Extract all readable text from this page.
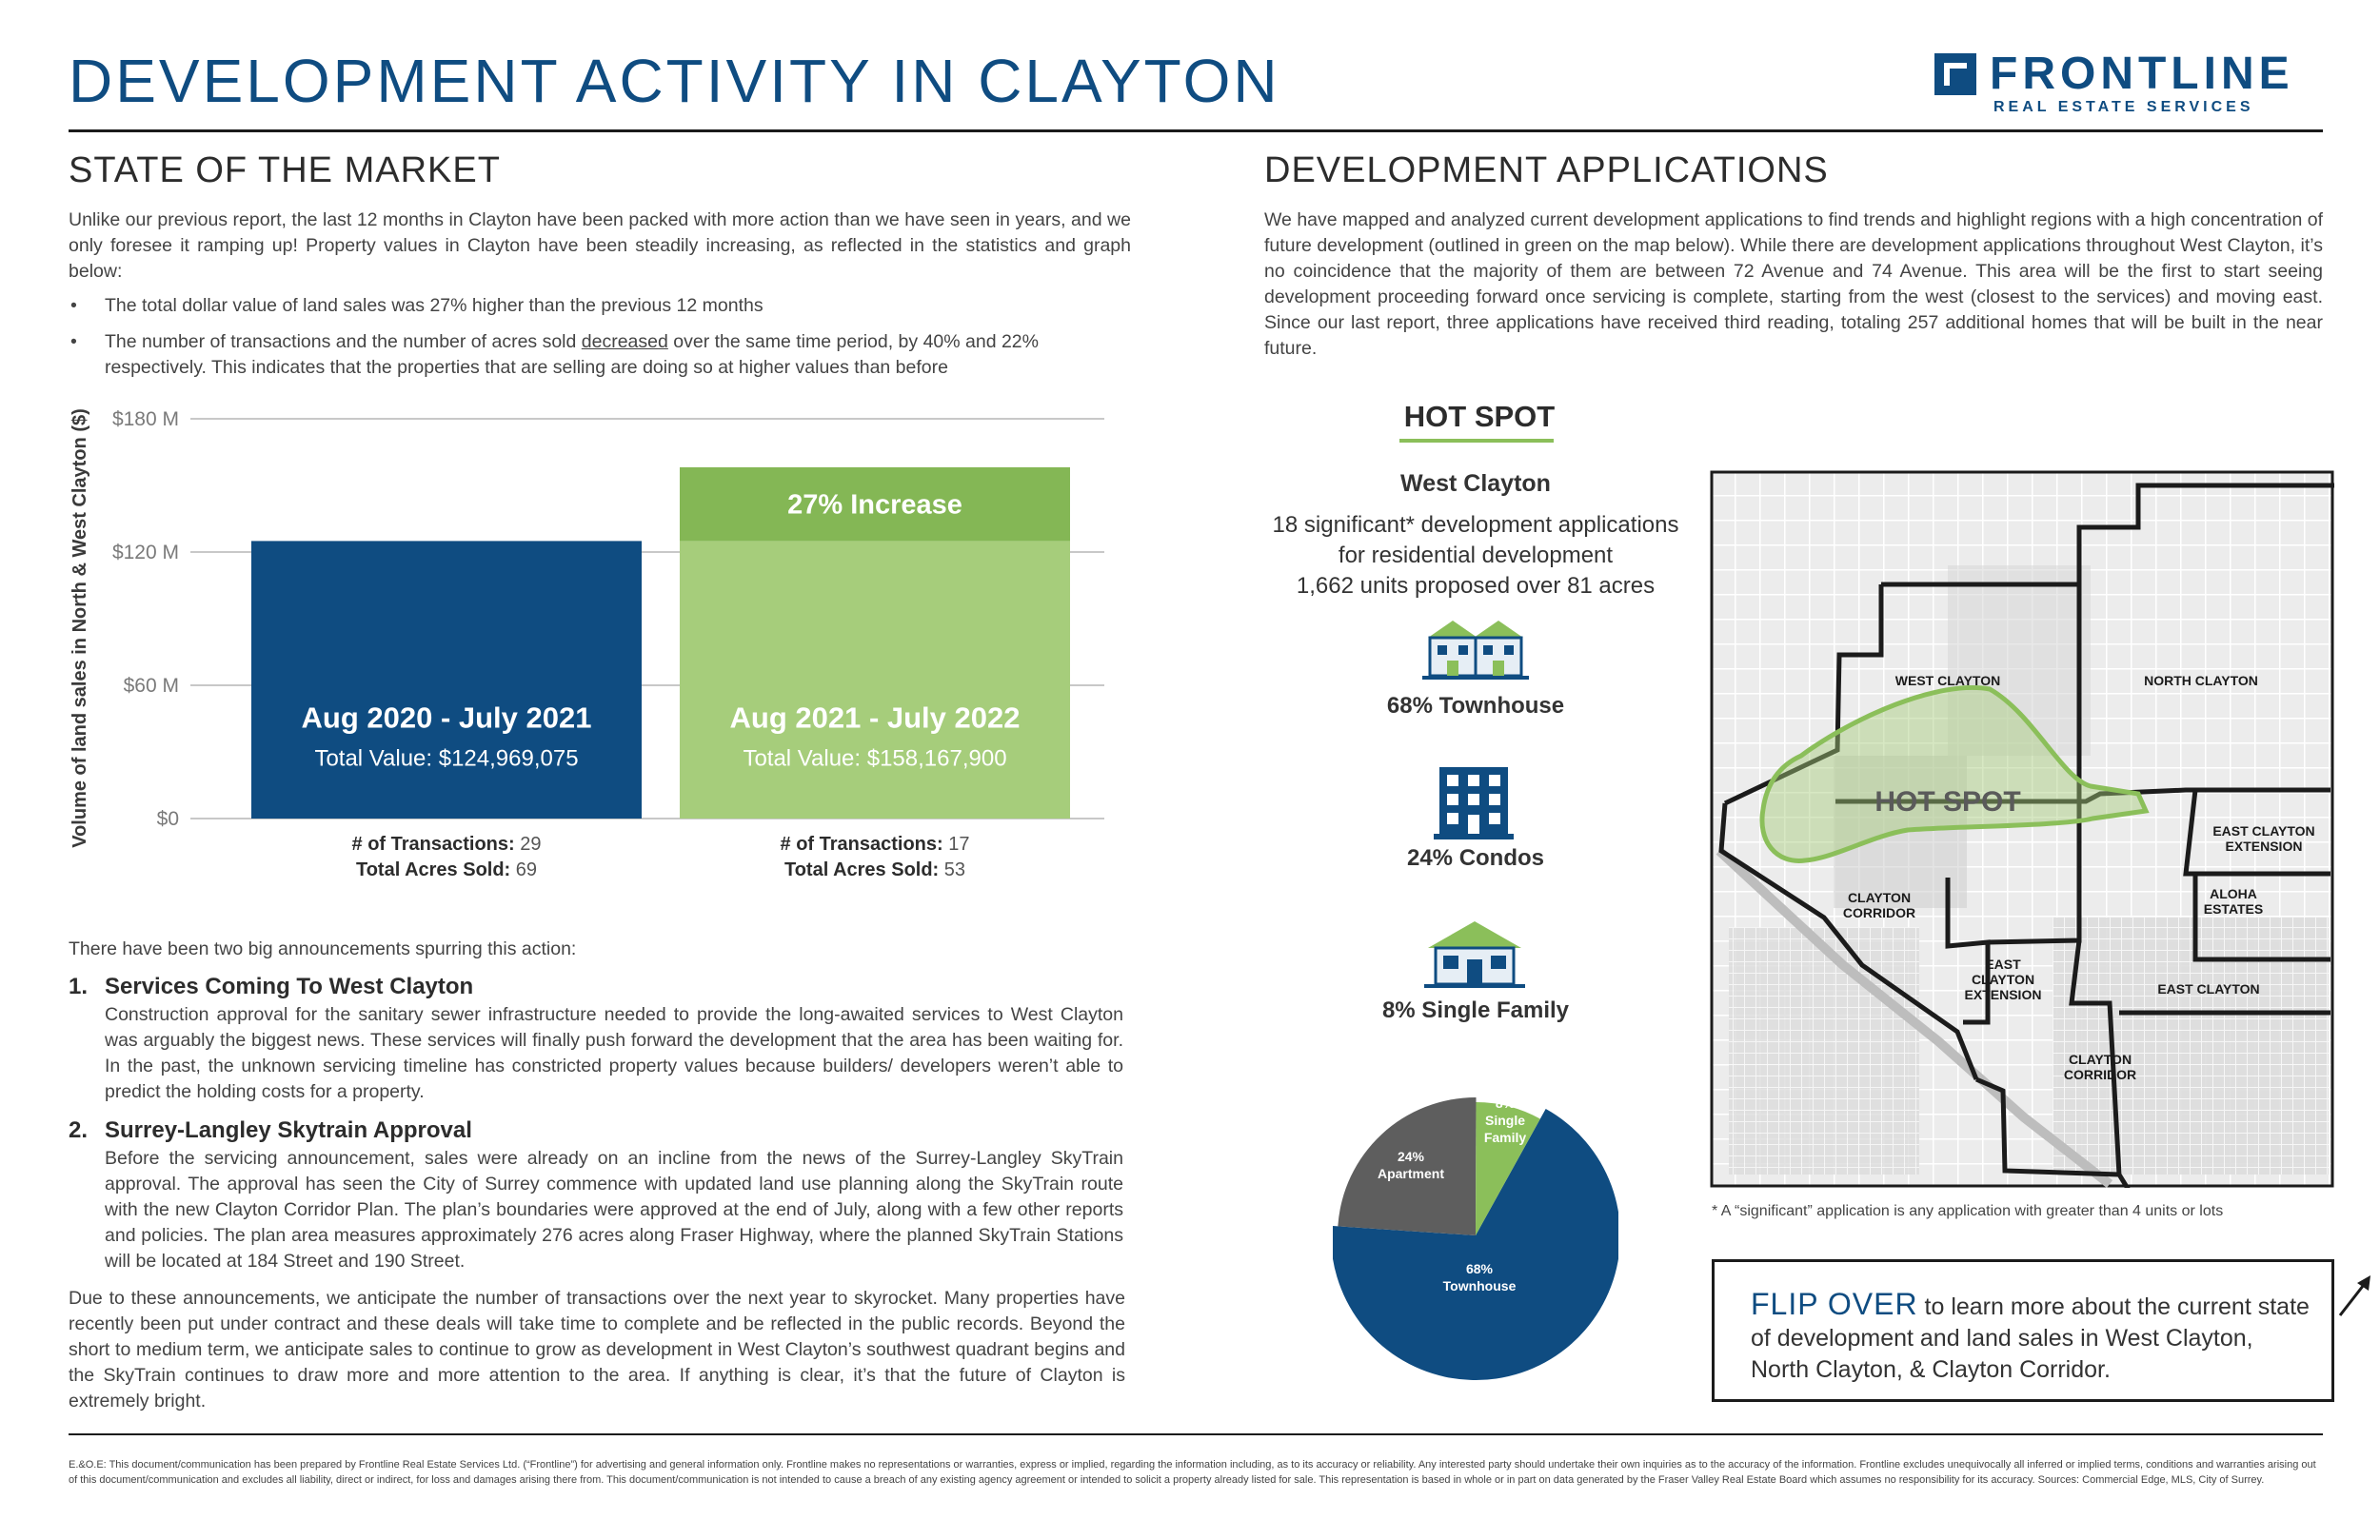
DEVELOPMENT ACTIVITY IN CLAYTON	FRONTLINE
REAL ESTATE SERVICES
STATE OF THE MARKET
Unlike our previous report, the last 12 months in Clayton have been packed with more action than we have seen in years, and we only foresee it ramping up! Property values in Clayton have been steadily increasing, as reflected in the statistics and graph below:
• The total dollar value of land sales was 27% higher than the previous 12 months
• The number of transactions and the number of acres sold decreased over the same time period, by 40% and 22% respectively. This indicates that the properties that are selling are doing so at higher values than before
$0
$60 M
$120 M
$180 M
Volume of land sales in North & West Clayton ($)	Aug 2020 - July 2021
Total Value: $124,969,075
# of Transactions: 29
Total Acres Sold: 69
27% Increase
Aug 2021 - July 2022
Total Value: $158,167,900
# of Transactions: 17
Total Acres Sold: 53
There have been two big announcements spurring this action:
1. Services Coming To West Clayton
Construction approval for the sanitary sewer infrastructure needed to provide the long-awaited services to West Clayton was arguably the biggest news. These services will finally push forward the development that the area has been waiting for. In the past, the unknown servicing timeline has constricted property values because builders/ developers weren’t able to predict the holding costs for a property.
2. Surrey-Langley Skytrain Approval
Before the servicing announcement, sales were already on an incline from the news of the Surrey-Langley SkyTrain approval. The approval has seen the City of Surrey commence with updated land use planning along the SkyTrain route with the new Clayton Corridor Plan. The plan’s boundaries were approved at the end of July, along with a few other reports and policies. The plan area measures approximately 276 acres along Fraser Highway, where the planned SkyTrain Stations will be located at 184 Street and 190 Street.
Due to these announcements, we anticipate the number of transactions over the next year to skyrocket. Many properties have recently been put under contract and these deals will take time to complete and be reflected in the public records. Beyond the short to medium term, we anticipate sales to continue to grow as development in West Clayton’s southwest quadrant begins and the SkyTrain continues to draw more and more attention to the area. If anything is clear, it’s that the future of Clayton is extremely bright.
DEVELOPMENT APPLICATIONS
We have mapped and analyzed current development applications to find trends and highlight regions with a high concentration of future development (outlined in green on the map below). While there are development applications throughout West Clayton, it’s no coincidence that the majority of them are between 72 Avenue and 74 Avenue. This area will be the first to start seeing development proceeding forward once servicing is complete, starting from the west (closest to the services) and moving east. Since our last report, three applications have received third reading, totaling 257 additional homes that will be built in the near future.
HOT SPOT
West Clayton
18 significant* development applications
for residential development
1,662 units proposed over 81 acres
68% Townhouse
24% Condos
8% Single Family
68%
Townhouse
24%
Apartment
8%
Single
Family
WEST CLAYTON	NORTH CLAYTON
HOT SPOT
EAST CLAYTON
EXTENSION
ALOHA
ESTATES
CLAYTON
CORRIDOR
EAST
CLAYTON
EXTENSION	EAST CLAYTON
CLAYTON
CORRIDOR
* A “significant” application is any application with greater than 4 units or lots
FLIP OVER to learn more about the current state of development and land sales in West Clayton, North Clayton, & Clayton Corridor.
E.&O.E: This document/communication has been prepared by Frontline Real Estate Services Ltd. (“Frontline”) for advertising and general information only. Frontline makes no representations or warranties, express or implied, regarding the information including, as to its accuracy or reliability. Any interested party should undertake their own inquiries as to the accuracy of the information. Frontline excludes unequivocally all inferred or implied terms, conditions and warranties arising out of this document/communication and excludes all liability, direct or indirect, for loss and damages arising there from. This document/communication is not intended to cause a breach of any existing agency agreement or intended to solicit a property already listed for sale. This representation is based in whole or in part on data generated by the Fraser Valley Real Estate Board which assumes no responsibility for its accuracy. Sources: Commercial Edge, MLS, City of Surrey.
